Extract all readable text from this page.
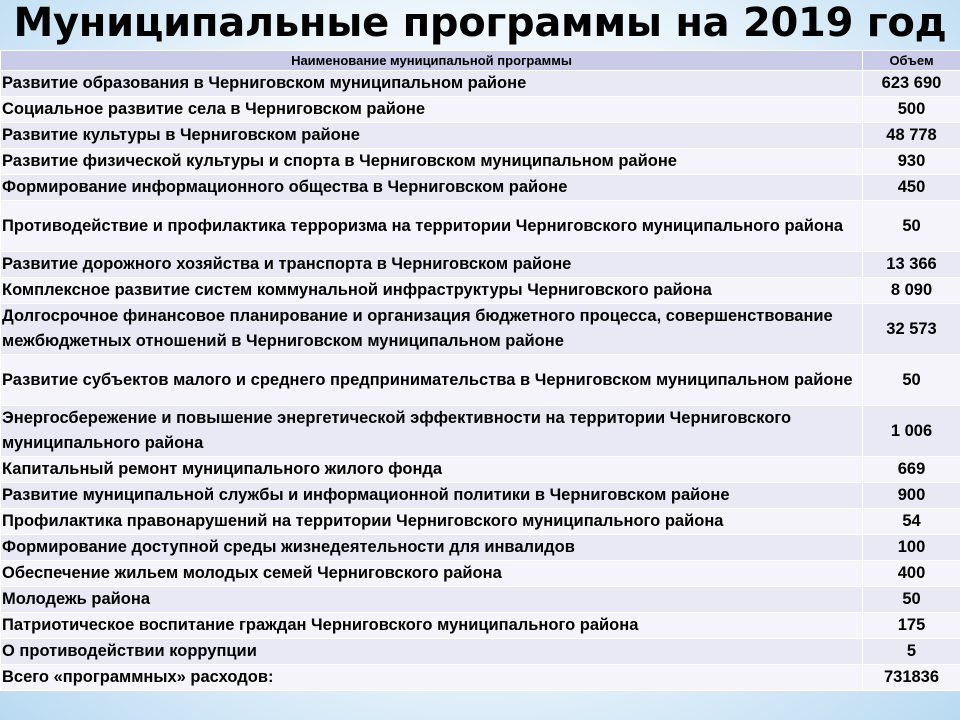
Муниципальные программы на 2019 год
Наименование муниципальной программы	Объем
Развитие образования в Черниговском муниципальном районе	623 690
Социальное развитие села в Черниговском районе	500
Развитие культуры в Черниговском районе	48 778
Развитие физической культуры и спорта в Черниговском муниципальном районе	930
Формирование информационного общества в Черниговском районе	450
Противодействие и профилактика терроризма на территории Черниговского муниципального района	50
Развитие дорожного хозяйства и транспорта в Черниговском районе	13 366
Комплексное развитие систем коммунальной инфраструктуры Черниговского района	8 090
Долгосрочное финансовое планирование и организация бюджетного процесса, совершенствование межбюджетных отношений в Черниговском муниципальном районе	32 573
Развитие субъектов малого и среднего предпринимательства в Черниговском муниципальном районе	50
Энергосбережение и повышение энергетической эффективности на территории Черниговского муниципального района	1 006
Капитальный ремонт муниципального жилого фонда	669
Развитие муниципальной службы и информационной политики в Черниговском районе	900
Профилактика правонарушений на территории Черниговского муниципального района	54
Формирование доступной среды жизнедеятельности для инвалидов	100
Обеспечение жильем молодых семей Черниговского района	400
Молодежь района	50
Патриотическое воспитание граждан Черниговского муниципального района	175
О противодействии коррупции	5
Всего «программных» расходов:	731836
